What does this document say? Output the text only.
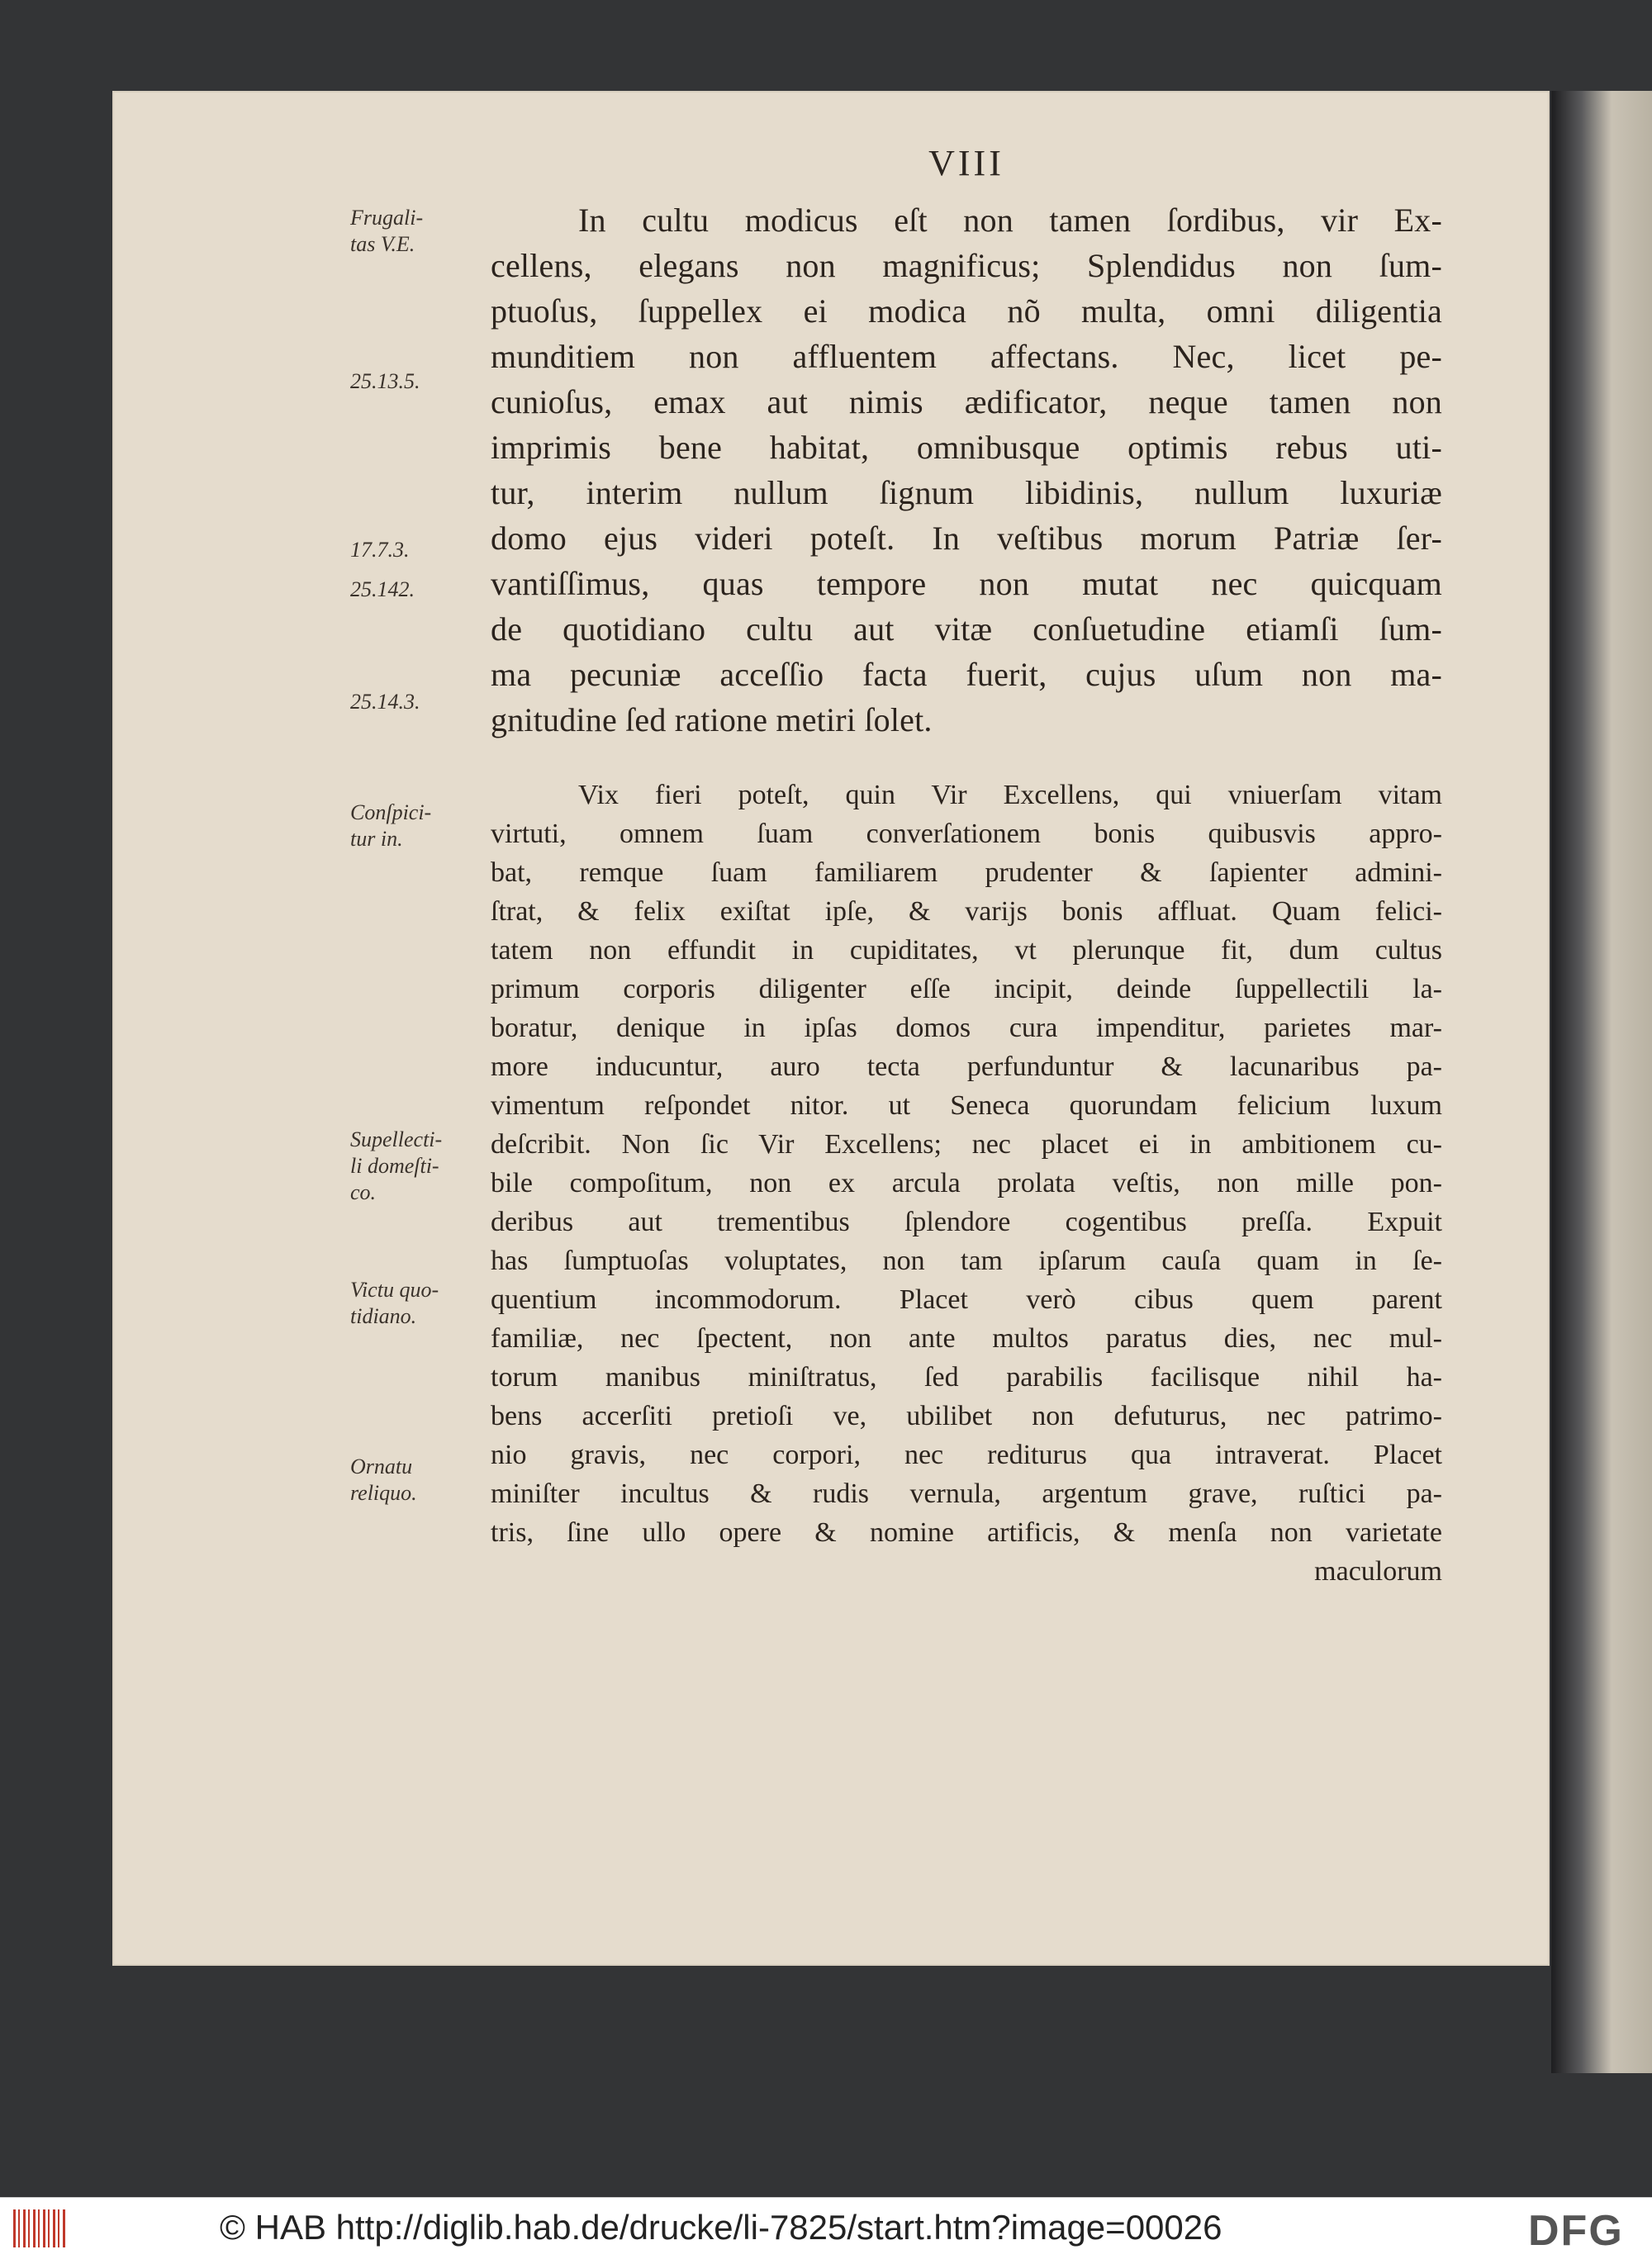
VIII
Frugali-
tas V.E.
25.13.5.
17.7.3.
25.142.
25.14.3.
Conſpici-
tur in.
Supellecti-
li domeſti-
co.
Victu quo-
tidiano.
Ornatu
reliquo.
In cultu modicus eſt non tamen ſordibus, vir Ex-
cellens, elegans non magnificus; Splendidus non ſum-
ptuoſus, ſuppellex ei modica nõ multa, omni diligentia
munditiem non affluentem affectans. Nec, licet pe-
cunioſus, emax aut nimis ædificator, neque tamen non
imprimis bene habitat, omnibusque optimis rebus uti-
tur, interim nullum ſignum libidinis, nullum luxuriæ
domo ejus videri poteſt. In veſtibus morum Patriæ ſer-
vantiſſimus, quas tempore non mutat nec quicquam
de quotidiano cultu aut vitæ conſuetudine etiamſi ſum-
ma pecuniæ acceſſio facta fuerit, cujus uſum non ma-
gnitudine ſed ratione metiri ſolet.
Vix fieri poteſt, quin Vir Excellens, qui vniuerſam vitam
virtuti, omnem ſuam converſationem bonis quibusvis appro-
bat, remque ſuam familiarem prudenter & ſapienter admini-
ſtrat, & felix exiſtat ipſe, & varijs bonis affluat. Quam felici-
tatem non effundit in cupiditates, vt plerunque fit, dum cultus
primum corporis diligenter eſſe incipit, deinde ſuppellectili la-
boratur, denique in ipſas domos cura impenditur, parietes mar-
more inducuntur, auro tecta perfunduntur & lacunaribus pa-
vimentum reſpondet nitor. ut Seneca quorundam felicium luxum
deſcribit. Non ſic Vir Excellens; nec placet ei in ambitionem cu-
bile compoſitum, non ex arcula prolata veſtis, non mille pon-
deribus aut trementibus ſplendore cogentibus preſſa. Expuit
has ſumptuoſas voluptates, non tam ipſarum cauſa quam in ſe-
quentium incommodorum. Placet verò cibus quem parent
familiæ, nec ſpectent, non ante multos paratus dies, nec mul-
torum manibus miniſtratus, ſed parabilis facilisque nihil ha-
bens accerſiti pretioſi ve, ubilibet non defuturus, nec patrimo-
nio gravis, nec corpori, nec rediturus qua intraverat. Placet
miniſter incultus & rudis vernula, argentum grave, ruſtici pa-
tris, ſine ullo opere & nomine artificis, & menſa non varietate
maculorum
© HAB http://diglib.hab.de/drucke/li-7825/start.htm?image=00026	DFG
